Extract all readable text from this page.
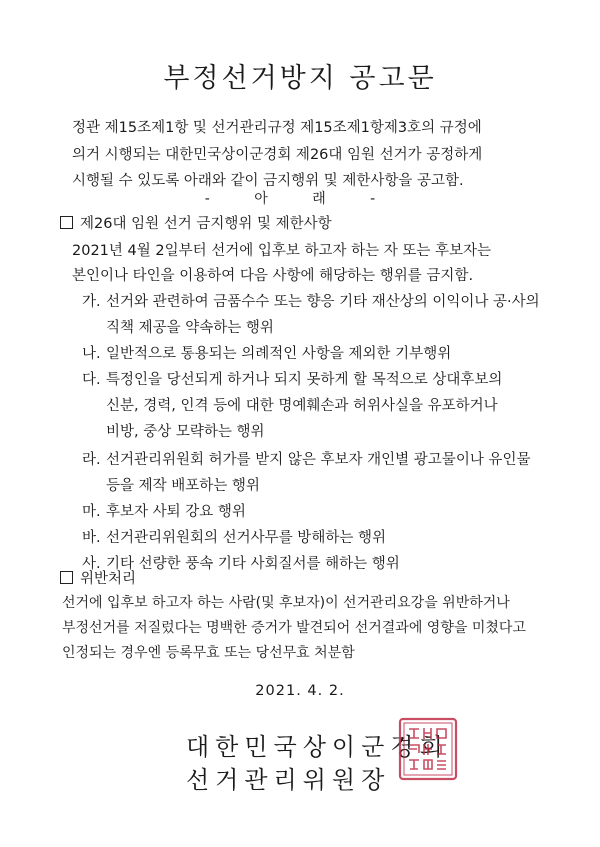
부정선거방지 공고문
정관 제15조제1항 및 선거관리규정 제15조제1항제3호의 규정에
의거 시행되는 대한민국상이군경회 제26대 임원 선거가 공정하게
시행될 수 있도록 아래와 같이 금지행위 및 제한사항을 공고함.
- 아 래 -
제26대 임원 선거 금지행위 및 제한사항
2021년 4월 2일부터 선거에 입후보 하고자 하는 자 또는 후보자는
본인이나 타인을 이용하여 다음 사항에 해당하는 행위를 금지함.
가. 선거와 관련하여 금품수수 또는 향응 기타 재산상의 이익이나 공·사의
직책 제공을 약속하는 행위
나. 일반적으로 통용되는 의례적인 사항을 제외한 기부행위
다. 특정인을 당선되게 하거나 되지 못하게 할 목적으로 상대후보의
신분, 경력, 인격 등에 대한 명예훼손과 허위사실을 유포하거나
비방, 중상 모략하는 행위
라. 선거관리위원회 허가를 받지 않은 후보자 개인별 광고물이나 유인물
등을 제작 배포하는 행위
마. 후보자 사퇴 강요 행위
바. 선거관리위원회의 선거사무를 방해하는 행위
사. 기타 선량한 풍속 기타 사회질서를 해하는 행위
위반처리
선거에 입후보 하고자 하는 사람(및 후보자)이 선거관리요강을 위반하거나
부정선거를 저질렀다는 명백한 증거가 발견되어 선거결과에 영향을 미쳤다고
2021. 4. 2.
대한민국상이군경회
선거관리위원장
인정되는 경우엔 등록무효 또는 당선무효 처분함
